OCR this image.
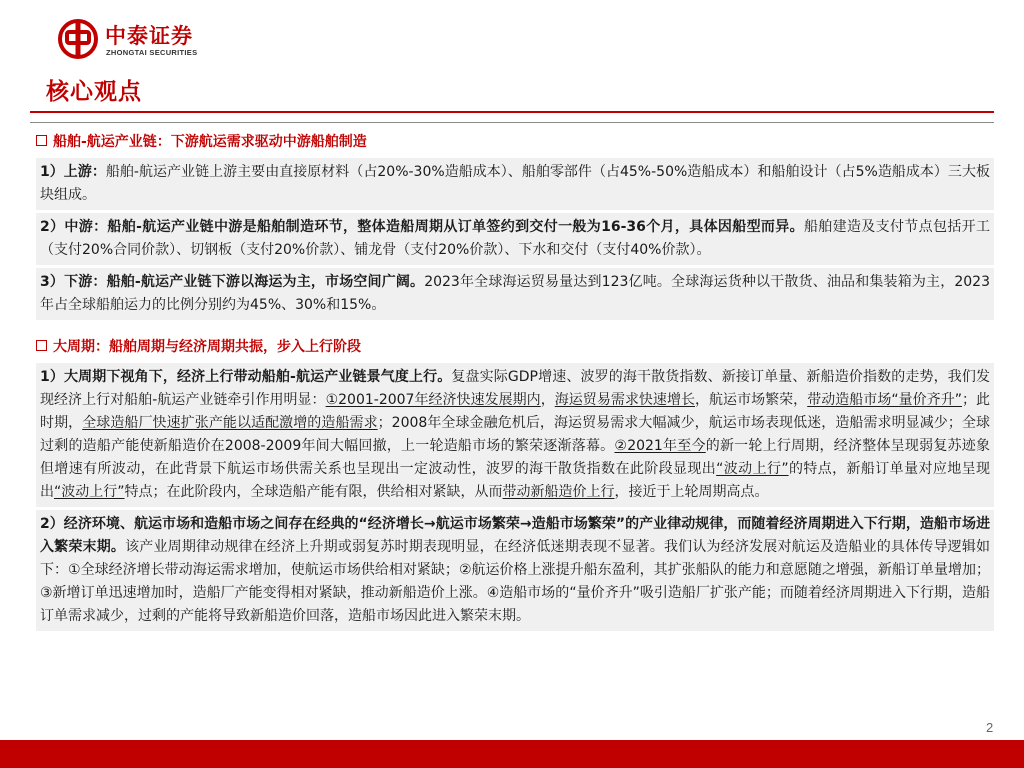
中泰证券
ZHONGTAI SECURITIES
核心观点
船舶-航运产业链：下游航运需求驱动中游船舶制造
1）上游：船舶-航运产业链上游主要由直接原材料（占20%-30%造船成本）、船舶零部件（占45%-50%造船成本）和船舶设计（占5%造船成本）三大板块组成。
2）中游：船舶-航运产业链中游是船舶制造环节，整体造船周期从订单签约到交付一般为16-36个月，具体因船型而异。船舶建造及支付节点包括开工（支付20%合同价款）、切钢板（支付20%价款）、铺龙骨（支付20%价款）、下水和交付（支付40%价款）。
3）下游：船舶-航运产业链下游以海运为主，市场空间广阔。2023年全球海运贸易量达到123亿吨。全球海运货种以干散货、油品和集装箱为主，2023年占全球船舶运力的比例分别约为45%、30%和15%。
大周期：船舶周期与经济周期共振，步入上行阶段
1）大周期下视角下，经济上行带动船舶-航运产业链景气度上行。复盘实际GDP增速、波罗的海干散货指数、新接订单量、新船造价指数的走势，我们发现经济上行对船舶-航运产业链牵引作用明显：①2001-2007年经济快速发展期内，海运贸易需求快速增长，航运市场繁荣，带动造船市场“量价齐升”；此时期，全球造船厂快速扩张产能以适配激增的造船需求；2008年全球金融危机后，海运贸易需求大幅减少，航运市场表现低迷，造船需求明显减少；全球过剩的造船产能使新船造价在2008-2009年间大幅回撤，上一轮造船市场的繁荣逐渐落幕。②2021年至今的新一轮上行周期，经济整体呈现弱复苏迹象但增速有所波动，在此背景下航运市场供需关系也呈现出一定波动性，波罗的海干散货指数在此阶段显现出“波动上行”的特点，新船订单量对应地呈现出“波动上行”特点；在此阶段内，全球造船产能有限，供给相对紧缺，从而带动新船造价上行，接近于上轮周期高点。
2）经济环境、航运市场和造船市场之间存在经典的“经济增长→航运市场繁荣→造船市场繁荣”的产业律动规律，而随着经济周期进入下行期，造船市场进入繁荣末期。该产业周期律动规律在经济上升期或弱复苏时期表现明显，在经济低迷期表现不显著。我们认为经济发展对航运及造船业的具体传导逻辑如下：①全球经济增长带动海运需求增加，使航运市场供给相对紧缺；②航运价格上涨提升船东盈利，其扩张船队的能力和意愿随之增强，新船订单量增加；③新增订单迅速增加时，造船厂产能变得相对紧缺，推动新船造价上涨。④造船市场的“量价齐升”吸引造船厂扩张产能；而随着经济周期进入下行期，造船订单需求减少，过剩的产能将导致新船造价回落，造船市场因此进入繁荣末期。
2
